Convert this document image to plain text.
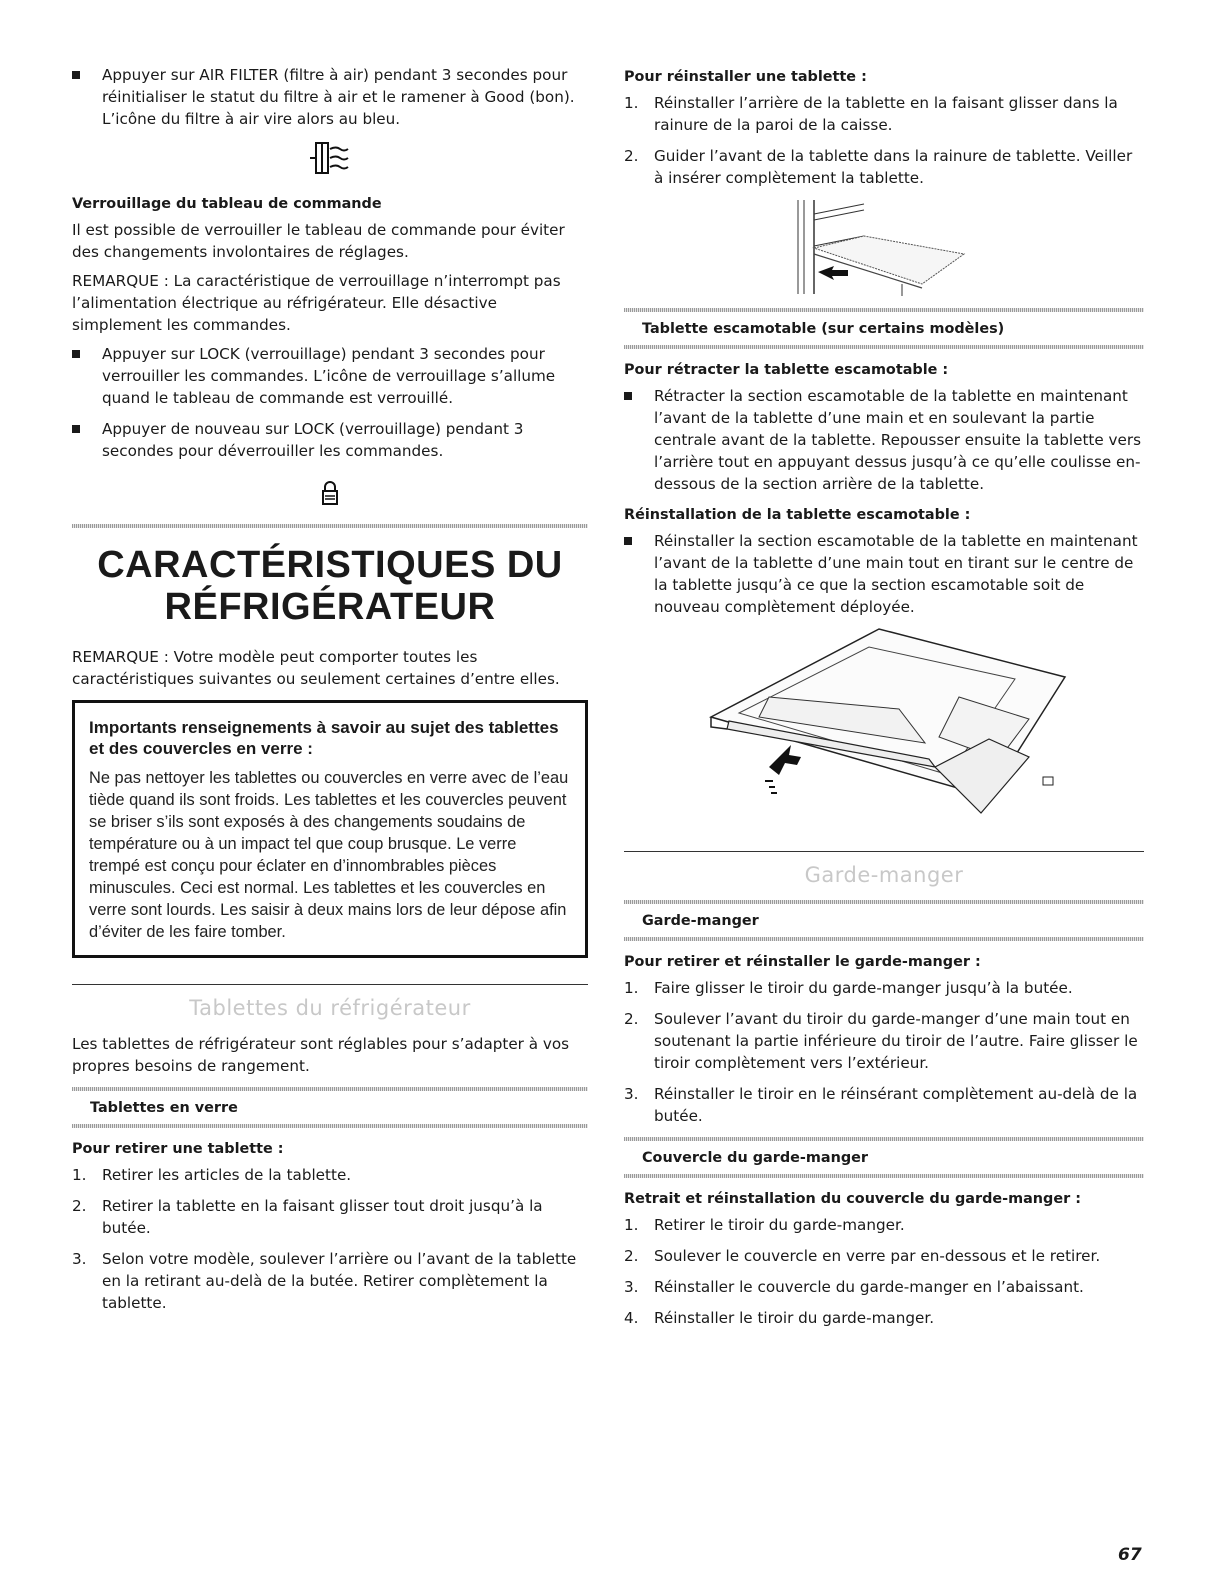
Appuyer sur AIR FILTER (filtre à air) pendant 3 secondes pour réinitialiser le statut du filtre à air et le ramener à Good (bon). L’icône du filtre à air vire alors au bleu.
Verrouillage du tableau de commande

Il est possible de verrouiller le tableau de commande pour éviter des changements involontaires de réglages.

REMARQUE : La caractéristique de verrouillage n’interrompt pas l’alimentation électrique au réfrigérateur. Elle désactive simplement les commandes.

Appuyer sur LOCK (verrouillage) pendant 3 secondes pour verrouiller les commandes. L’icône de verrouillage s’allume quand le tableau de commande est verrouillé.
Appuyer de nouveau sur LOCK (verrouillage) pendant 3 secondes pour déverrouiller les commandes.
CARACTÉRISTIQUES DU
RÉFRIGÉRATEUR

REMARQUE : Votre modèle peut comporter toutes les caractéristiques suivantes ou seulement certaines d’entre elles.

Importants renseignements à savoir au sujet des tablettes et des couvercles en verre :
Ne pas nettoyer les tablettes ou couvercles en verre avec de l’eau tiède quand ils sont froids. Les tablettes et les couvercles peuvent se briser s’ils sont exposés à des changements soudains de température ou à un impact tel que coup brusque. Le verre trempé est conçu pour éclater en d’innombrables pièces minuscules. Ceci est normal. Les tablettes et les couvercles en verre sont lourds. Les saisir à deux mains lors de leur dépose afin d’éviter de les faire tomber.
Tablettes du réfrigérateur

Les tablettes de réfrigérateur sont réglables pour s’adapter à vos propres besoins de rangement.

Tablettes en verre
Pour retirer une tablette :
1. Retirer les articles de la tablette.
2. Retirer la tablette en la faisant glisser tout droit jusqu’à la butée.
3. Selon votre modèle, soulever l’arrière ou l’avant de la tablette en la retirant au-delà de la butée. Retirer complètement la tablette.
Pour réinstaller une tablette :
1. Réinstaller l’arrière de la tablette en la faisant glisser dans la rainure de la paroi de la caisse.
2. Guider l’avant de la tablette dans la rainure de tablette. Veiller à insérer complètement la tablette.
Tablette escamotable (sur certains modèles)
Pour rétracter la tablette escamotable :
Rétracter la section escamotable de la tablette en maintenant l’avant de la tablette d’une main et en soulevant la partie centrale avant de la tablette. Repousser ensuite la tablette vers l’arrière tout en appuyant dessus jusqu’à ce qu’elle coulisse en-dessous de la section arrière de la tablette.
Réinstallation de la tablette escamotable :
Réinstaller la section escamotable de la tablette en maintenant l’avant de la tablette d’une main tout en tirant sur le centre de la tablette jusqu’à ce que la section escamotable soit de nouveau complètement déployée.
Garde-manger
Garde-manger
Pour retirer et réinstaller le garde-manger :
1. Faire glisser le tiroir du garde-manger jusqu’à la butée.
2. Soulever l’avant du tiroir du garde-manger d’une main tout en soutenant la partie inférieure du tiroir de l’autre. Faire glisser le tiroir complètement vers l’extérieur.
3. Réinstaller le tiroir en le réinsérant complètement au-delà de la butée.
Couvercle du garde-manger
Retrait et réinstallation du couvercle du garde-manger :
1. Retirer le tiroir du garde-manger.
2. Soulever le couvercle en verre par en-dessous et le retirer.
3. Réinstaller le couvercle du garde-manger en l’abaissant.
4. Réinstaller le tiroir du garde-manger.
67
